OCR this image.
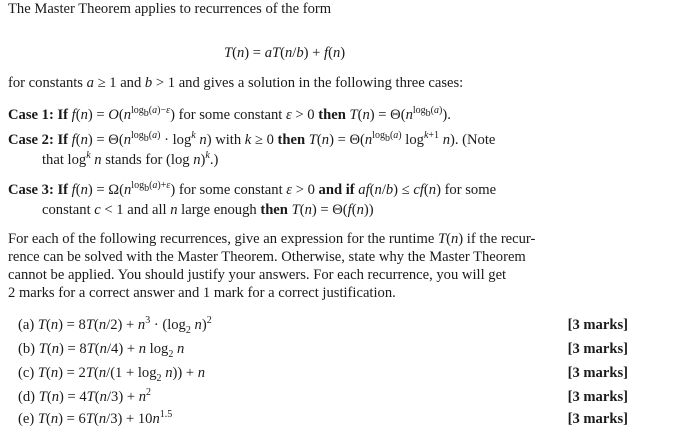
The Master Theorem applies to recurrences of the form
T(n) = aT(n/b) + f(n)
for constants a ≥ 1 and b > 1 and gives a solution in the following three cases:
Case 1: If $f(n) = O(n^{log_b(a)-\varepsilon})$ for some constant ε > 0 then $T(n) = \Theta(n^{log_b(a)})$.
Case 2: If $f(n) = \Theta(n^{log_b(a)} \cdot \log^k n)$ with k ≥ 0 then $T(n) = \Theta(n^{log_b(a)}$ $\log^{k+1} n$). (Note
that $\log^k n$ stands for (log n)$^k$.)
Case 3: If $f(n) = \Omega(n^{log_b(a)+\varepsilon})$ for some constant ε > 0 and if af(n/b) ≤ cf(n) for some
constant c < 1 and all n large enough then T(n) = Θ(f(n))
For each of the following recurrences, give an expression for the runtime T(n) if the recur-
rence can be solved with the Master Theorem. Otherwise, state why the Master Theorem
cannot be applied. You should justify your answers. For each recurrence, you will get
2 marks for a correct answer and 1 mark for a correct justification.
(a) $T(n) = 8T(n/2) + n^3 \cdot (\log_2$ n)$^2$	[3 marks]
(b) T(n) = 8T(n/4) + n $\log_2 n$	[3 marks]
(c) $T(n) = 2T(n/(1 + \log_2 n)) + n$	[3 marks]
(d) $T(n) = 4T(n/3) + n^2$	[3 marks]
(e) $T(n) = 6T(n/3) + 10n^{1.5}$	[3 marks]
